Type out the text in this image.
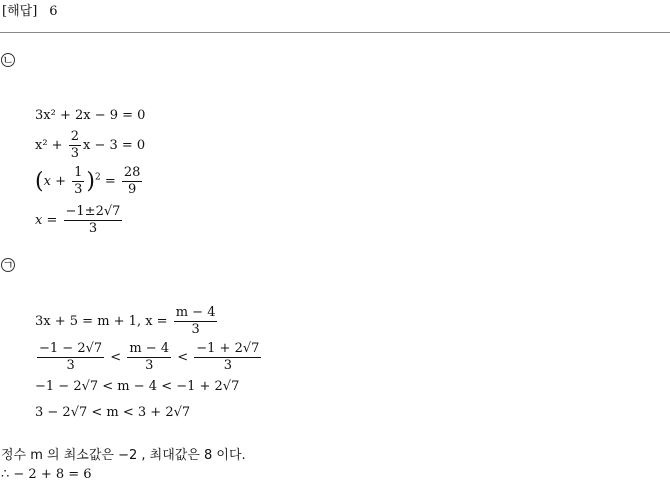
[해답] 6
ㄴ
3x² + 2x − 9 = 0
$x^2 + \frac{2}{3}$ x − 3 = 0
$(x + \frac{1}{3} )^2 = \frac{28}{9}$
$x = \frac{-1\pm 2√7}{3}$
ㄱ
3x + 5 = m + 1, $x = \frac{m - 4}{3}$
$\frac{-1 - 2√7}{3} < \frac{m - 4}{3} < \frac{-1 + 2√7}{3}$
−1 − 2√7 < m − 4 < −1 + 2√7
3 − 2√7 < m < 3 + 2√7
정수 m 의 최소값은 −2 , 최대값은 8 이다.
∴ − 2 + 8 = 6
